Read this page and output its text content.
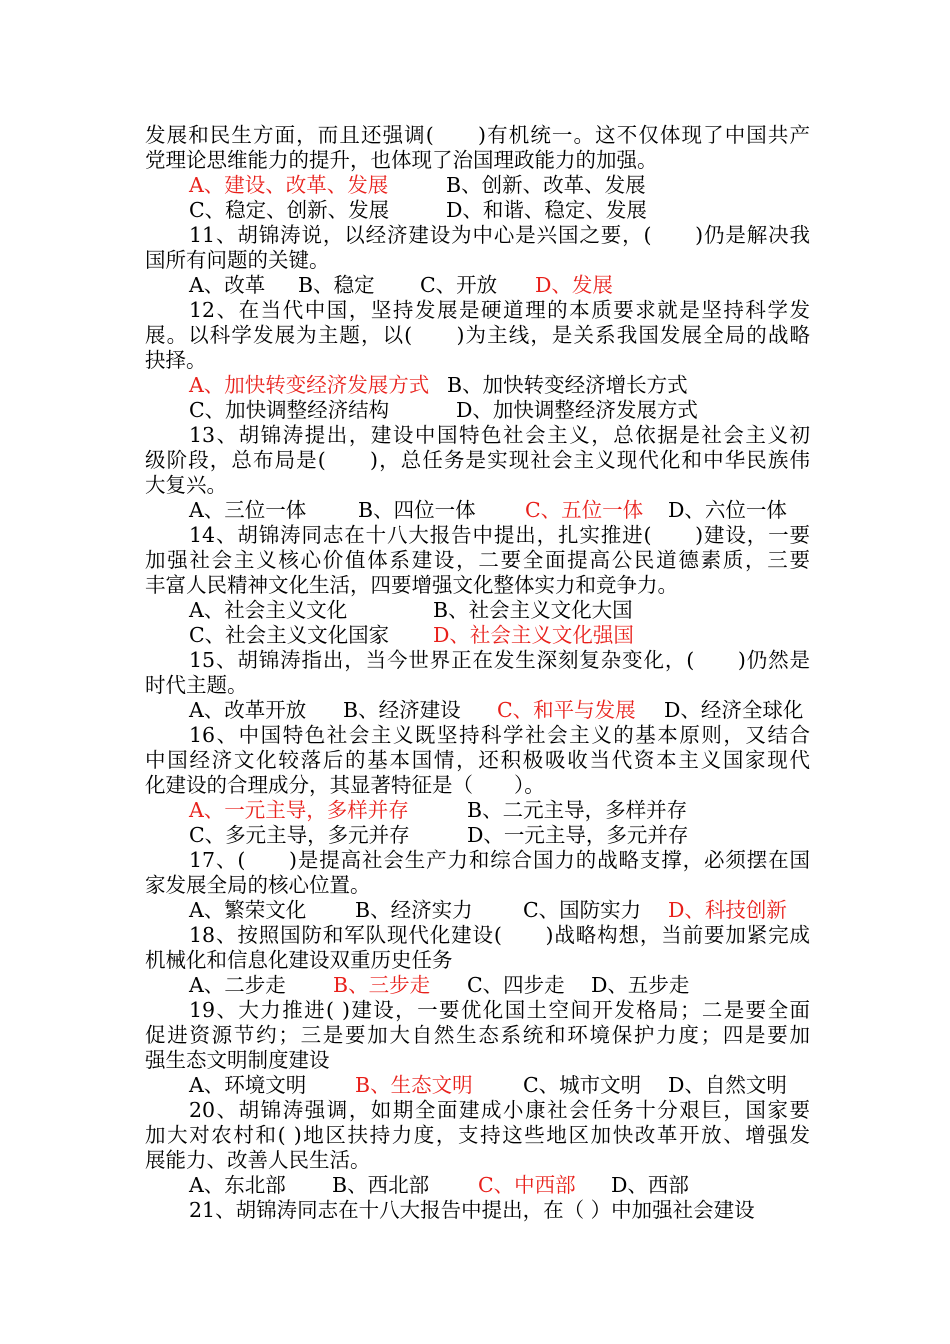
发展和民生方面，而且还强调(　　)有机统一。这不仅体现了中国共产
党理论思维能力的提升，也体现了治国理政能力的加强。
A、建设、改革、发展	B、创新、改革、发展
C、稳定、创新、发展	D、和谐、稳定、发展
11、胡锦涛说，以经济建设为中心是兴国之要，(　　)仍是解决我
国所有问题的关键。
A、改革 B、稳定 C、开放 D、发展
12、在当代中国，坚持发展是硬道理的本质要求就是坚持科学发
展。以科学发展为主题，以(　　)为主线，是关系我国发展全局的战略
抉择。
A、加快转变经济发展方式 B、加快转变经济增长方式
C、加快调整经济结构	D、加快调整经济发展方式
13、胡锦涛提出，建设中国特色社会主义，总依据是社会主义初
级阶段，总布局是(　　)，总任务是实现社会主义现代化和中华民族伟
大复兴。
A、三位一体	B、四位一体 C、五位一体 D、六位一体
14、胡锦涛同志在十八大报告中提出，扎实推进(　　)建设，一要
加强社会主义核心价值体系建设，二要全面提高公民道德素质，三要
丰富人民精神文化生活，四要增强文化整体实力和竞争力。
A、社会主义文化	B、社会主义文化大国
C、社会主义文化国家 D、社会主义文化强国
15、胡锦涛指出，当今世界正在发生深刻复杂变化，(　　)仍然是
时代主题。
A、改革开放 B、经济建设 C、和平与发展 D、经济全球化
16、中国特色社会主义既坚持科学社会主义的基本原则，又结合
中国经济文化较落后的基本国情，还积极吸收当代资本主义国家现代
化建设的合理成分，其显著特征是（　　）。
A、一元主导，多样并存	B、二元主导，多样并存
C、多元主导，多元并存	D、一元主导，多元并存
17、(　　)是提高社会生产力和综合国力的战略支撑，必须摆在国
家发展全局的核心位置。
A、繁荣文化 B、经济实力 C、国防实力 D、科技创新
18、按照国防和军队现代化建设(　　)战略构想，当前要加紧完成
机械化和信息化建设双重历史任务
A、二步走 B、三步走 C、四步走 D、五步走
19、大力推进( )建设，一要优化国土空间开发格局；二是要全面
促进资源节约；三是要加大自然生态系统和环境保护力度；四是要加
强生态文明制度建设
A、环境文明 B、生态文明 C、城市文明 D、自然文明
20、胡锦涛强调，如期全面建成小康社会任务十分艰巨，国家要
加大对农村和( )地区扶持力度，支持这些地区加快改革开放、增强发
展能力、改善人民生活。
A、东北部 B、西北部 C、中西部 D、西部
21、胡锦涛同志在十八大报告中提出，在（ ）中加强社会建设
